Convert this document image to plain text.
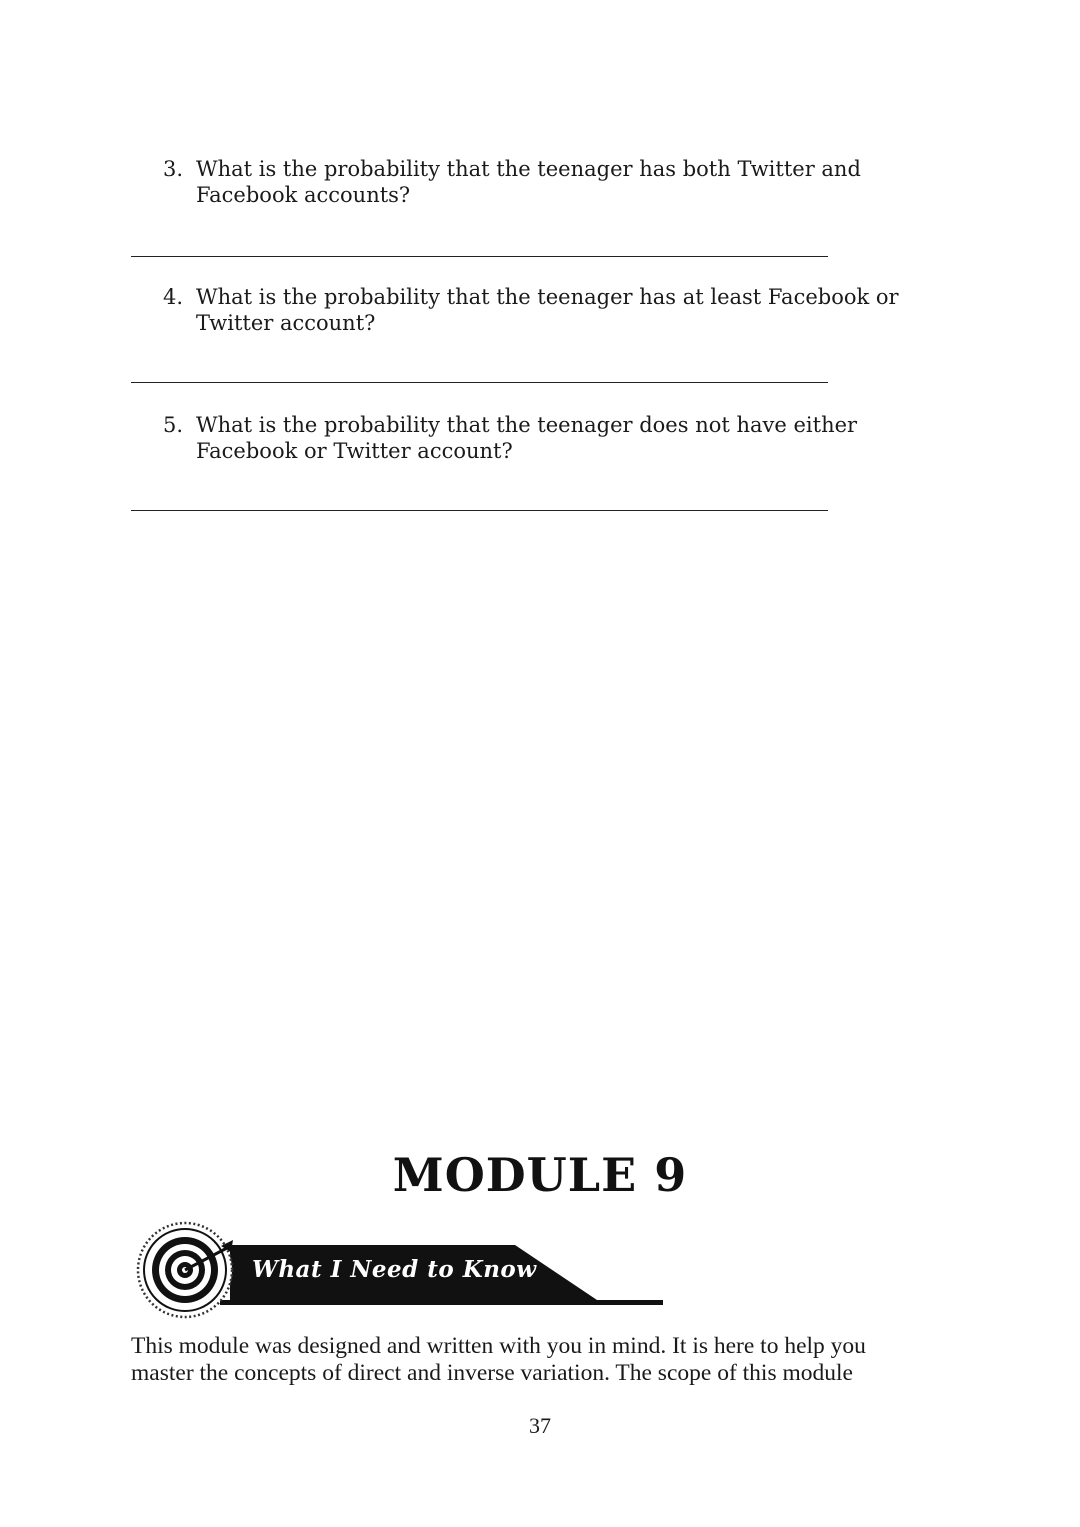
3. What is the probability that the teenager has both Twitter and Facebook accounts?
4. What is the probability that the teenager has at least Facebook or Twitter account?
5. What is the probability that the teenager does not have either Facebook or Twitter account?
MODULE 9
What I Need to Know
This module was designed and written with you in mind. It is here to help you
master the concepts of direct and inverse variation. The scope of this module
37
